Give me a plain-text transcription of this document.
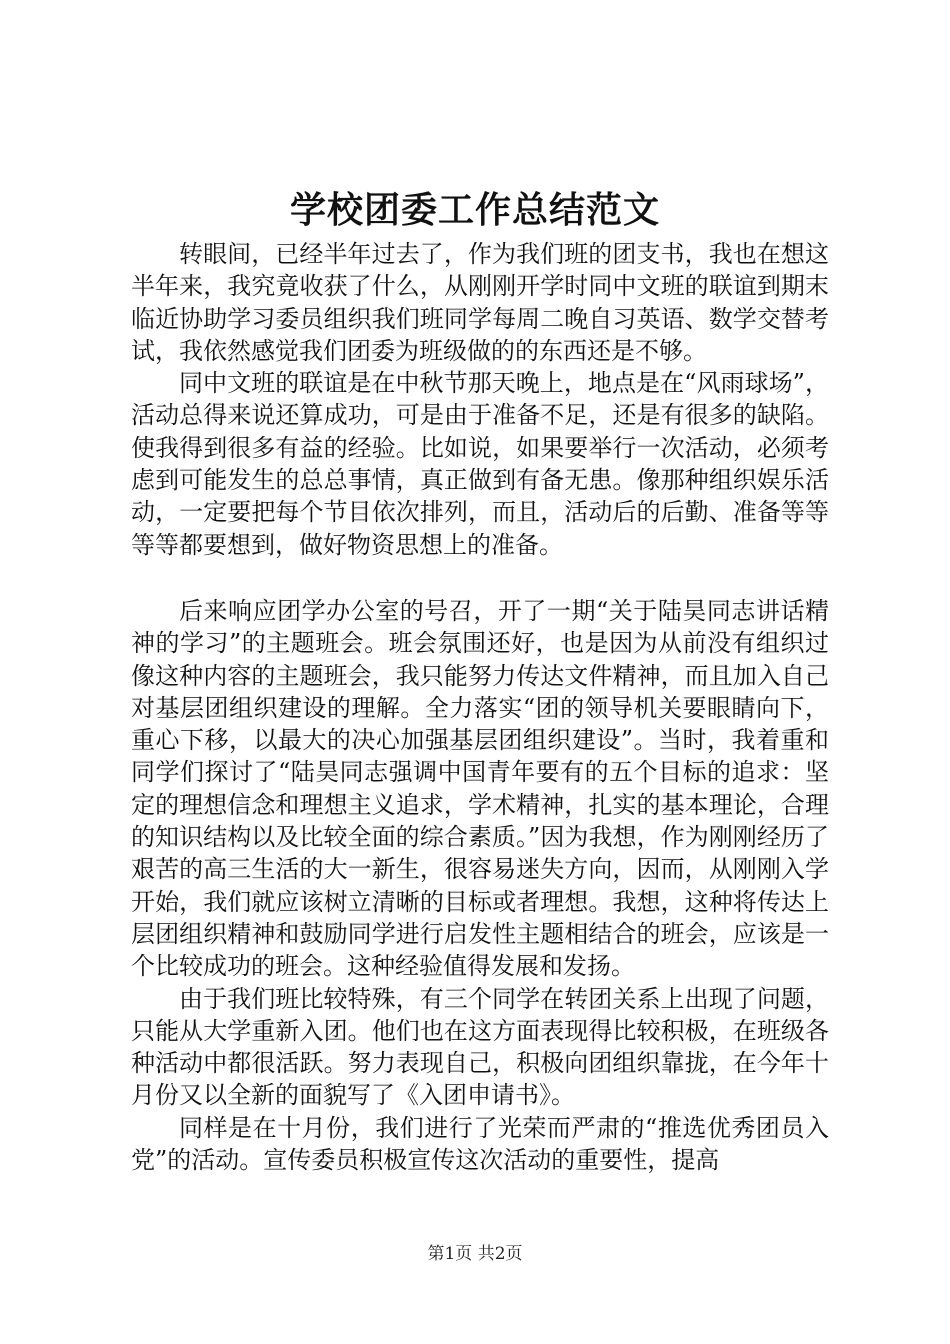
学校团委工作总结范文

转眼间，已经半年过去了，作为我们班的团支书，我也在想这半年来，我究竟收获了什么，从刚刚开学时同中文班的联谊到期末临近协助学习委员组织我们班同学每周二晚自习英语、数学交替考试，我依然感觉我们团委为班级做的的东西还是不够。

同中文班的联谊是在中秋节那天晚上，地点是在“风雨球场”，活动总得来说还算成功，可是由于准备不足，还是有很多的缺陷。使我得到很多有益的经验。比如说，如果要举行一次活动，必须考虑到可能发生的总总事情，真正做到有备无患。像那种组织娱乐活动，一定要把每个节目依次排列，而且，活动后的后勤、准备等等等等都要想到，做好物资思想上的准备。

后来响应团学办公室的号召，开了一期“关于陆昊同志讲话精神的学习”的主题班会。班会氛围还好，也是因为从前没有组织过像这种内容的主题班会，我只能努力传达文件精神，而且加入自己对基层团组织建设的理解。全力落实“团的领导机关要眼睛向下，重心下移，以最大的决心加强基层团组织建设”。当时，我着重和同学们探讨了“陆昊同志强调中国青年要有的五个目标的追求：坚定的理想信念和理想主义追求，学术精神，扎实的基本理论，合理的知识结构以及比较全面的综合素质。”因为我想，作为刚刚经历了艰苦的高三生活的大一新生，很容易迷失方向，因而，从刚刚入学开始，我们就应该树立清晰的目标或者理想。我想，这种将传达上层团组织精神和鼓励同学进行启发性主题相结合的班会，应该是一个比较成功的班会。这种经验值得发展和发扬。

由于我们班比较特殊，有三个同学在转团关系上出现了问题，只能从大学重新入团。他们也在这方面表现得比较积极，在班级各种活动中都很活跃。努力表现自己，积极向团组织靠拢，在今年十月份又以全新的面貌写了《入团申请书》。

同样是在十月份，我们进行了光荣而严肃的“推选优秀团员入党”的活动。宣传委员积极宣传这次活动的重要性，提高

第1页 共2页
